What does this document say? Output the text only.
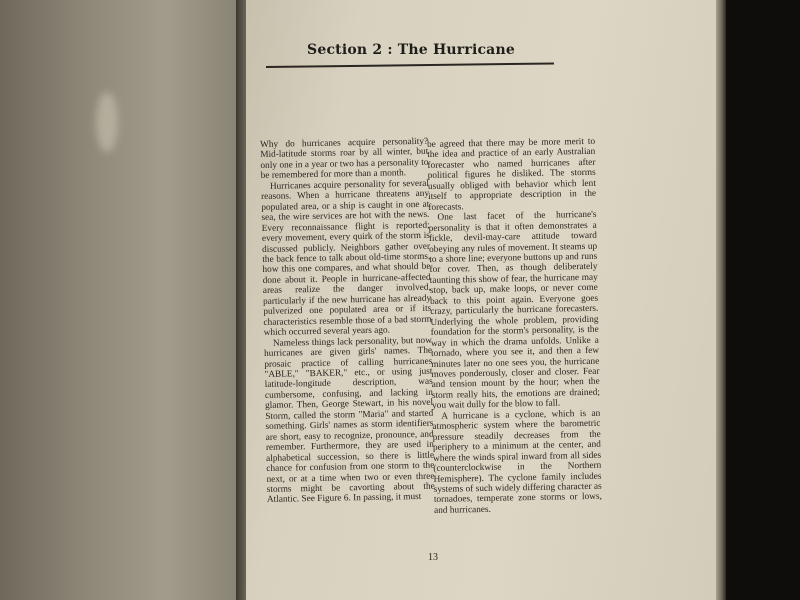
Section 2 : The Hurricane

Why do hurricanes acquire personality? Mid-latitude storms roar by all winter, but only one in a year or two has a personality to be remembered for more than a month.

Hurricanes acquire personality for several reasons. When a hurricane threatens any populated area, or a ship is caught in one at sea, the wire services are hot with the news. Every reconnaissance flight is reported; every movement, every quirk of the storm is discussed publicly. Neighbors gather over the back fence to talk about old-time storms, how this one compares, and what should be done about it. People in hurricane-affected areas realize the danger involved, particularly if the new hurricane has already pulverized one populated area or if its characteristics resemble those of a bad storm which occurred several years ago.

Nameless things lack personality, but now hurricanes are given girls' names. The prosaic practice of calling hurricanes "ABLE," "BAKER," etc., or using just latitude-longitude description, was cumbersome, confusing, and lacking in glamor. Then, George Stewart, in his novel Storm, called the storm "Maria" and started something. Girls' names as storm identifiers are short, easy to recognize, pronounce, and remember. Furthermore, they are used in alphabetical succession, so there is little chance for confusion from one storm to the next, or at a time when two or even three storms might be cavorting about the Atlantic. See Figure 6. In passing, it must

be agreed that there may be more merit to the idea and practice of an early Australian forecaster who named hurricanes after political figures he disliked. The storms usually obliged with behavior which lent itself to appropriate description in the forecasts.

One last facet of the hurricane's personality is that it often demonstrates a fickle, devil-may-care attitude toward obeying any rules of movement. It steams up to a shore line; everyone buttons up and runs for cover. Then, as though deliberately taunting this show of fear, the hurricane may stop, back up, make loops, or never come back to this point again. Everyone goes crazy, particularly the hurricane forecasters. Underlying the whole problem, providing foundation for the storm's personality, is the way in which the drama unfolds. Unlike a tornado, where you see it, and then a few minutes later no one sees you, the hurricane moves ponderously, closer and closer. Fear and tension mount by the hour; when the storm really hits, the emotions are drained; you wait dully for the blow to fall.

A hurricane is a cyclone, which is an atmospheric system where the barometric pressure steadily decreases from the periphery to a minimum at the center, and where the winds spiral inward from all sides (counterclockwise in the Northern Hemisphere). The cyclone family includes systems of such widely differing character as tornadoes, temperate zone storms or lows, and hurricanes.

13
